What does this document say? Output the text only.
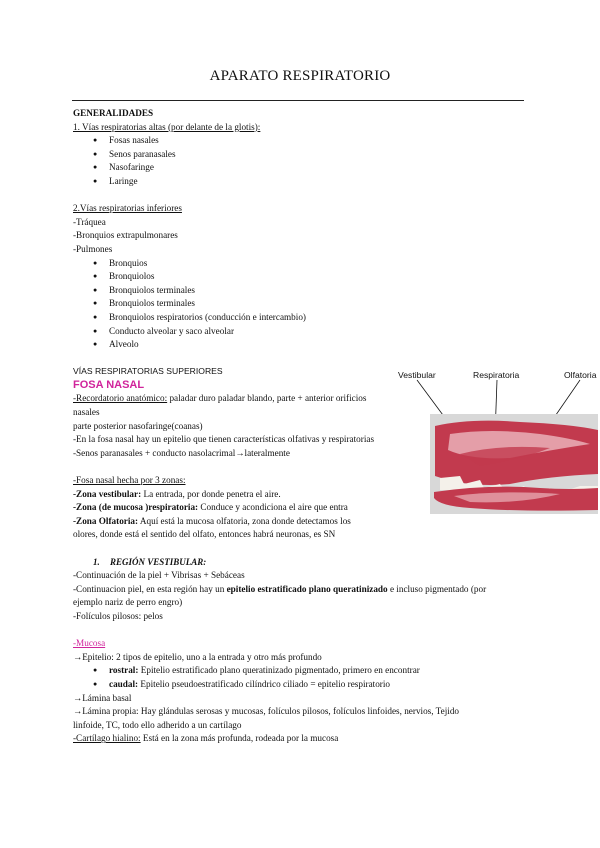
APARATO RESPIRATORIO
GENERALIDADES
1. Vías respiratorias altas (por delante de la glotis):
● Fosas nasales
● Senos paranasales
● Nasofaringe
● Laringe
2.Vías respiratorias inferiores
-Tráquea
-Bronquios extrapulmonares
-Pulmones
● Bronquios
● Bronquiolos
● Bronquiolos terminales
● Bronquiolos terminales
● Bronquiolos respiratorios (conducción e intercambio)
● Conducto alveolar y saco alveolar
● Alveolo
VÍAS RESPIRATORIAS SUPERIORES
FOSA NASAL
-Recordatorio anatómico: paladar duro paladar blando, parte + anterior orificios nasales
parte posterior nasofaringe(coanas)
-En la fosa nasal hay un epitelio que tienen características olfativas y respiratorias
-Senos paranasales + conducto nasolacrimal→lateralmente
-Fosa nasal hecha por 3 zonas:
-Zona vestibular: La entrada, por donde penetra el aire.
-Zona (de mucosa )respiratoria: Conduce y acondiciona el aire que entra
-Zona Olfatoria: Aquí está la mucosa olfatoria, zona donde detectamos los
olores, donde está el sentido del olfato, entonces habrá neuronas, es SN
1. REGIÓN VESTIBULAR:
-Continuación de la piel + Vibrisas + Sebáceas
-Continuacion piel, en esta región hay un epitelio estratificado plano queratinizado e incluso pigmentado (por
ejemplo nariz de perro engro)
-Folículos pilosos: pelos
-Mucosa
→Epitelio: 2 tipos de epitelio, uno a la entrada y otro más profundo
● rostral: Epitelio estratificado plano queratinizado pigmentado, primero en encontrar
● caudal: Epitelio pseudoestratificado cilíndrico ciliado = epitelio respiratorio
→Lámina basal
→Lámina propia: Hay glándulas serosas y mucosas, folículos pilosos, folículos linfoides, nervios, Tejido
linfoide, TC, todo ello adherido a un cartílago
-Cartílago hialino: Está en la zona más profunda, rodeada por la mucosa
Vestibular	Respiratoria	Olfatoria
